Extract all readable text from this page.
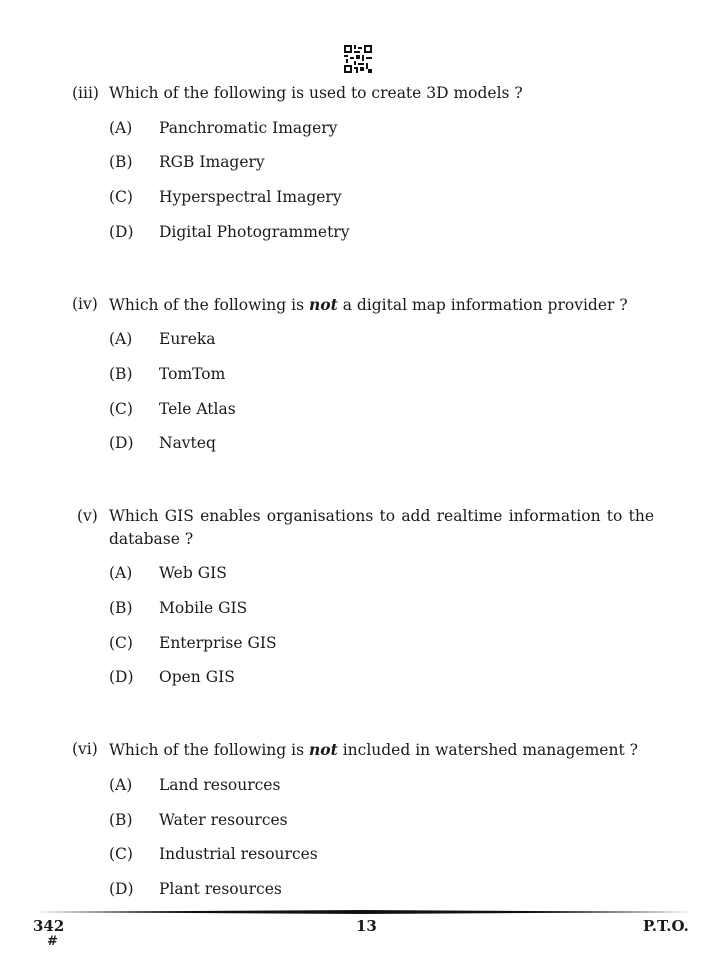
(iii) Which of the following is used to create 3D models ?
(A) Panchromatic Imagery
(B) RGB Imagery
(C) Hyperspectral Imagery
(D) Digital Photogrammetry
(iv) Which of the following is not a digital map information provider ?
(A) Eureka
(B) TomTom
(C) Tele Atlas
(D) Navteq
(v) Which GIS enables organisations to add realtime information to the database ?
(A) Web GIS
(B) Mobile GIS
(C) Enterprise GIS
(D) Open GIS
(vi) Which of the following is not included in watershed management ?
(A) Land resources
(B) Water resources
(C) Industrial resources
(D) Plant resources
342
#
13	P.T.O.
